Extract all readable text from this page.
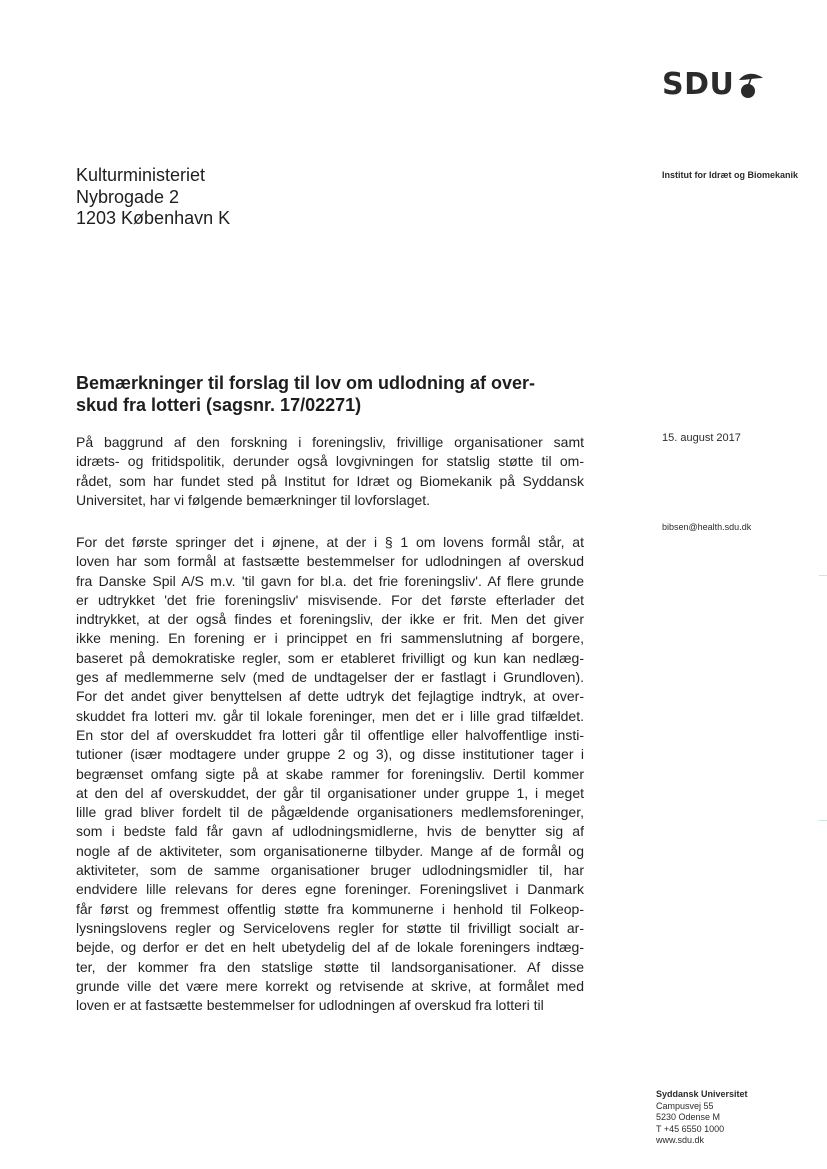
SDU
Institut for Idræt og Biomekanik
Kulturministeriet
Nybrogade 2
1203 København K
Bemærkninger til forslag til lov om udlodning af over-
skud fra lotteri (sagsnr. 17/02271)
15. august 2017
bibsen@health.sdu.dk
På baggrund af den forskning i foreningsliv, frivillige organisationer samt
idræts- og fritidspolitik, derunder også lovgivningen for statslig støtte til om-
rådet, som har fundet sted på Institut for Idræt og Biomekanik på Syddansk
Universitet, har vi følgende bemærkninger til lovforslaget.
For det første springer det i øjnene, at der i § 1 om lovens formål står, at
loven har som formål at fastsætte bestemmelser for udlodningen af overskud
fra Danske Spil A/S m.v. 'til gavn for bl.a. det frie foreningsliv'. Af flere grunde
er udtrykket 'det frie foreningsliv' misvisende. For det første efterlader det
indtrykket, at der også findes et foreningsliv, der ikke er frit. Men det giver
ikke mening. En forening er i princippet en fri sammenslutning af borgere,
baseret på demokratiske regler, som er etableret frivilligt og kun kan nedlæg-
ges af medlemmerne selv (med de undtagelser der er fastlagt i Grundloven).
For det andet giver benyttelsen af dette udtryk det fejlagtige indtryk, at over-
skuddet fra lotteri mv. går til lokale foreninger, men det er i lille grad tilfældet.
En stor del af overskuddet fra lotteri går til offentlige eller halvoffentlige insti-
tutioner (især modtagere under gruppe 2 og 3), og disse institutioner tager i
begrænset omfang sigte på at skabe rammer for foreningsliv. Dertil kommer
at den del af overskuddet, der går til organisationer under gruppe 1, i meget
lille grad bliver fordelt til de pågældende organisationers medlemsforeninger,
som i bedste fald får gavn af udlodningsmidlerne, hvis de benytter sig af
nogle af de aktiviteter, som organisationerne tilbyder. Mange af de formål og
aktiviteter, som de samme organisationer bruger udlodningsmidler til, har
endvidere lille relevans for deres egne foreninger. Foreningslivet i Danmark
får først og fremmest offentlig støtte fra kommunerne i henhold til Folkeop-
lysningslovens regler og Servicelovens regler for støtte til frivilligt socialt ar-
bejde, og derfor er det en helt ubetydelig del af de lokale foreningers indtæg-
ter, der kommer fra den statslige støtte til landsorganisationer. Af disse
grunde ville det være mere korrekt og retvisende at skrive, at formålet med
loven er at fastsætte bestemmelser for udlodningen af overskud fra lotteri til
Syddansk Universitet
Campusvej 55
5230 Odense M
T +45 6550 1000
www.sdu.dk
